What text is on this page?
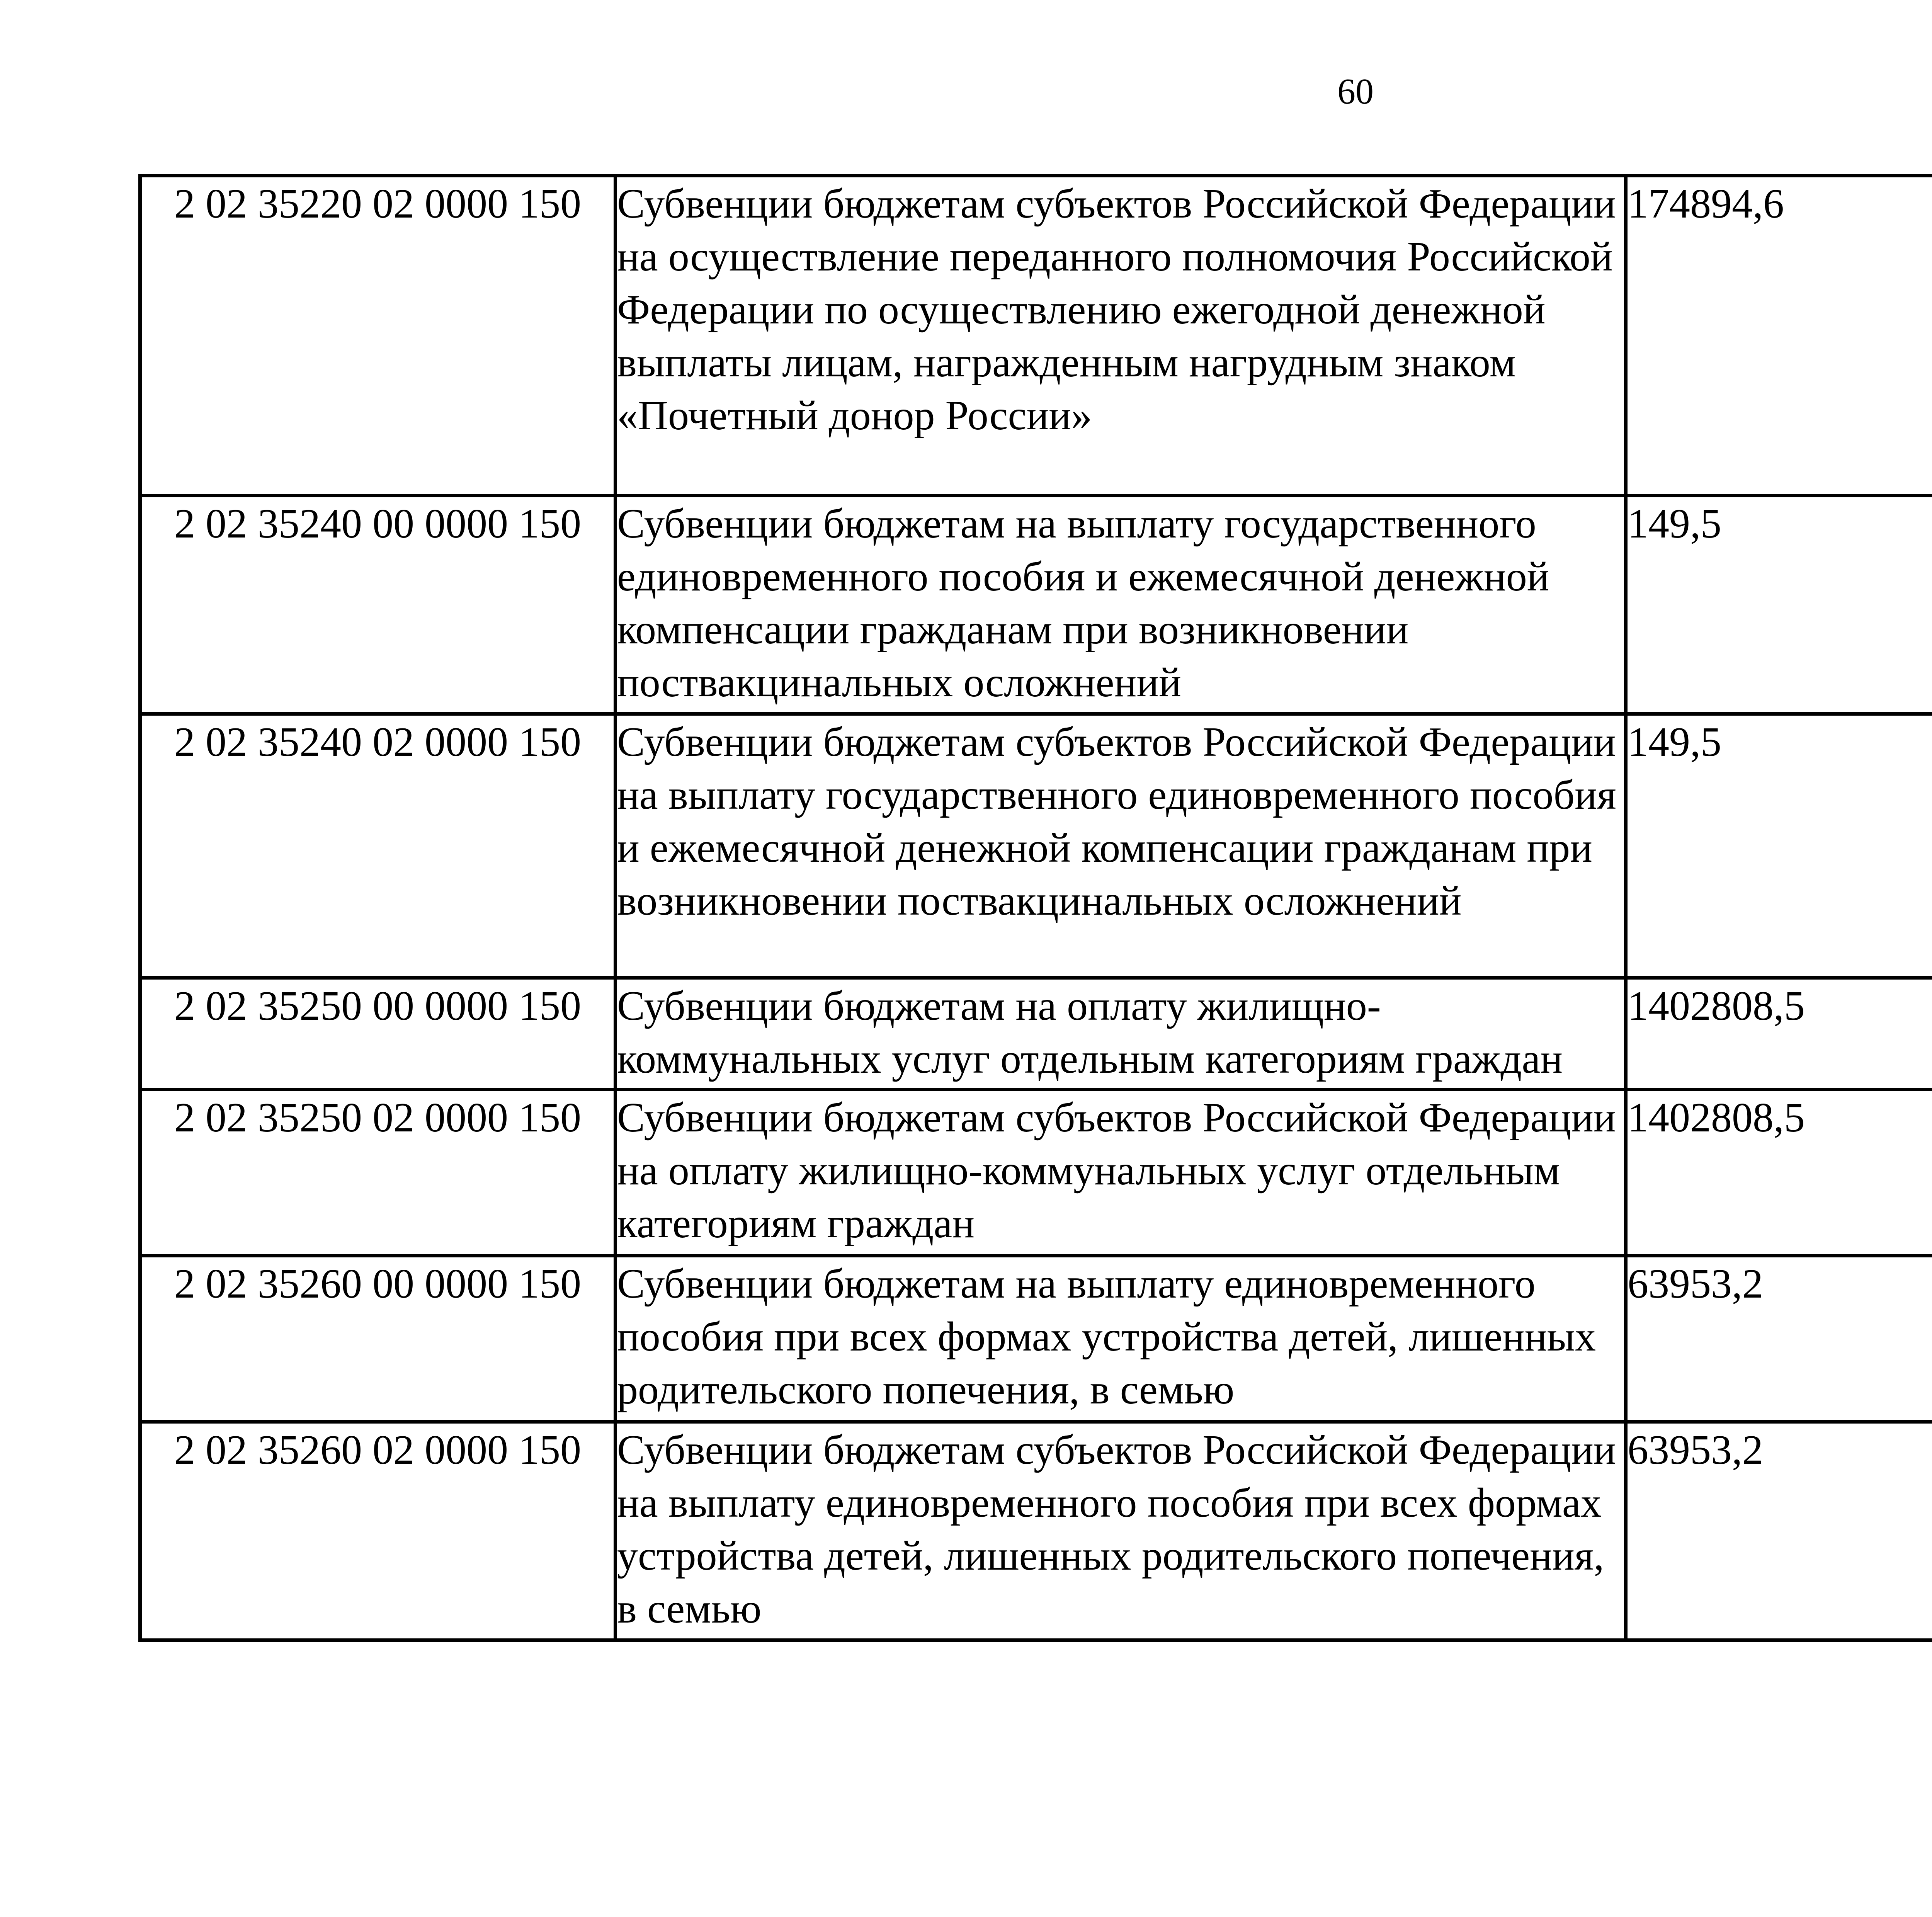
60
2 02 35220 02 0000 150	Субвенции бюджетам субъектов Российской Федерации на осуществление переданного полномочия Российской Федерации по осуществлению ежегодной денежной выплаты лицам, награжденным нагрудным знаком «Почетный донор России»	174894,6		
2 02 35240 00 0000 150	Субвенции бюджетам на выплату государственного единовременного пособия и ежемесячной денежной компенсации гражданам при возникновении поствакцинальных осложнений	149,5		
2 02 35240 02 0000 150	Субвенции бюджетам субъектов Российской Федерации на выплату государственного единовременного пособия и ежемесячной денежной компенсации гражданам при возникновении поствакцинальных осложнений	149,5		
2 02 35250 00 0000 150	Субвенции бюджетам на оплату жилищно-коммунальных услуг отдельным категориям граждан	1402808,5		
2 02 35250 02 0000 150	Субвенции бюджетам субъектов Российской Федерации на оплату жилищно-коммунальных услуг отдельным категориям граждан	1402808,5		
2 02 35260 00 0000 150	Субвенции бюджетам на выплату единовременного пособия при всех формах устройства детей, лишенных родительского попечения, в семью	63953,2		
2 02 35260 02 0000 150	Субвенции бюджетам субъектов Российской Федерации на выплату единовременного пособия при всех формах устройства детей, лишенных родительского попечения, в семью	63953,2		
